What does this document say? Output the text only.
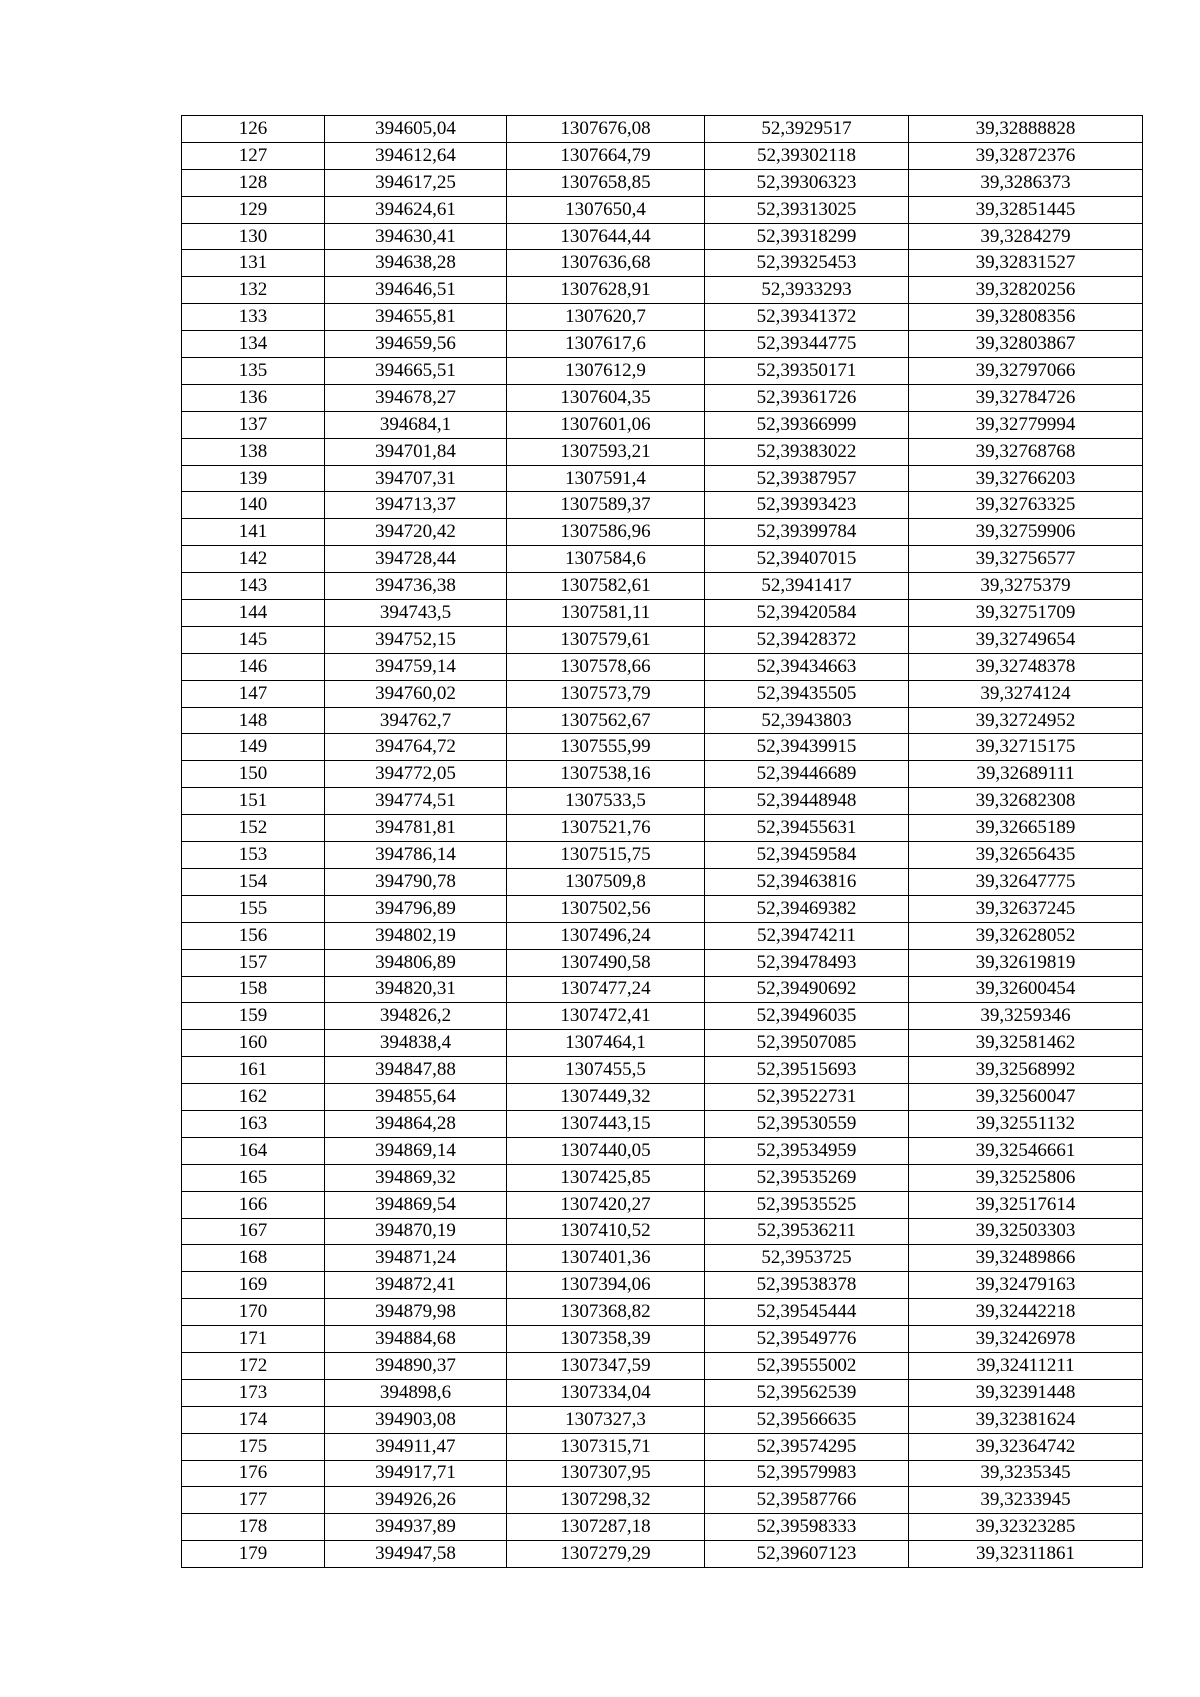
126	394605,04	1307676,08	52,3929517	39,32888828
127	394612,64	1307664,79	52,39302118	39,32872376
128	394617,25	1307658,85	52,39306323	39,3286373
129	394624,61	1307650,4	52,39313025	39,32851445
130	394630,41	1307644,44	52,39318299	39,3284279
131	394638,28	1307636,68	52,39325453	39,32831527
132	394646,51	1307628,91	52,3933293	39,32820256
133	394655,81	1307620,7	52,39341372	39,32808356
134	394659,56	1307617,6	52,39344775	39,32803867
135	394665,51	1307612,9	52,39350171	39,32797066
136	394678,27	1307604,35	52,39361726	39,32784726
137	394684,1	1307601,06	52,39366999	39,32779994
138	394701,84	1307593,21	52,39383022	39,32768768
139	394707,31	1307591,4	52,39387957	39,32766203
140	394713,37	1307589,37	52,39393423	39,32763325
141	394720,42	1307586,96	52,39399784	39,32759906
142	394728,44	1307584,6	52,39407015	39,32756577
143	394736,38	1307582,61	52,3941417	39,3275379
144	394743,5	1307581,11	52,39420584	39,32751709
145	394752,15	1307579,61	52,39428372	39,32749654
146	394759,14	1307578,66	52,39434663	39,32748378
147	394760,02	1307573,79	52,39435505	39,3274124
148	394762,7	1307562,67	52,3943803	39,32724952
149	394764,72	1307555,99	52,39439915	39,32715175
150	394772,05	1307538,16	52,39446689	39,32689111
151	394774,51	1307533,5	52,39448948	39,32682308
152	394781,81	1307521,76	52,39455631	39,32665189
153	394786,14	1307515,75	52,39459584	39,32656435
154	394790,78	1307509,8	52,39463816	39,32647775
155	394796,89	1307502,56	52,39469382	39,32637245
156	394802,19	1307496,24	52,39474211	39,32628052
157	394806,89	1307490,58	52,39478493	39,32619819
158	394820,31	1307477,24	52,39490692	39,32600454
159	394826,2	1307472,41	52,39496035	39,3259346
160	394838,4	1307464,1	52,39507085	39,32581462
161	394847,88	1307455,5	52,39515693	39,32568992
162	394855,64	1307449,32	52,39522731	39,32560047
163	394864,28	1307443,15	52,39530559	39,32551132
164	394869,14	1307440,05	52,39534959	39,32546661
165	394869,32	1307425,85	52,39535269	39,32525806
166	394869,54	1307420,27	52,39535525	39,32517614
167	394870,19	1307410,52	52,39536211	39,32503303
168	394871,24	1307401,36	52,3953725	39,32489866
169	394872,41	1307394,06	52,39538378	39,32479163
170	394879,98	1307368,82	52,39545444	39,32442218
171	394884,68	1307358,39	52,39549776	39,32426978
172	394890,37	1307347,59	52,39555002	39,32411211
173	394898,6	1307334,04	52,39562539	39,32391448
174	394903,08	1307327,3	52,39566635	39,32381624
175	394911,47	1307315,71	52,39574295	39,32364742
176	394917,71	1307307,95	52,39579983	39,3235345
177	394926,26	1307298,32	52,39587766	39,3233945
178	394937,89	1307287,18	52,39598333	39,32323285
179	394947,58	1307279,29	52,39607123	39,32311861
